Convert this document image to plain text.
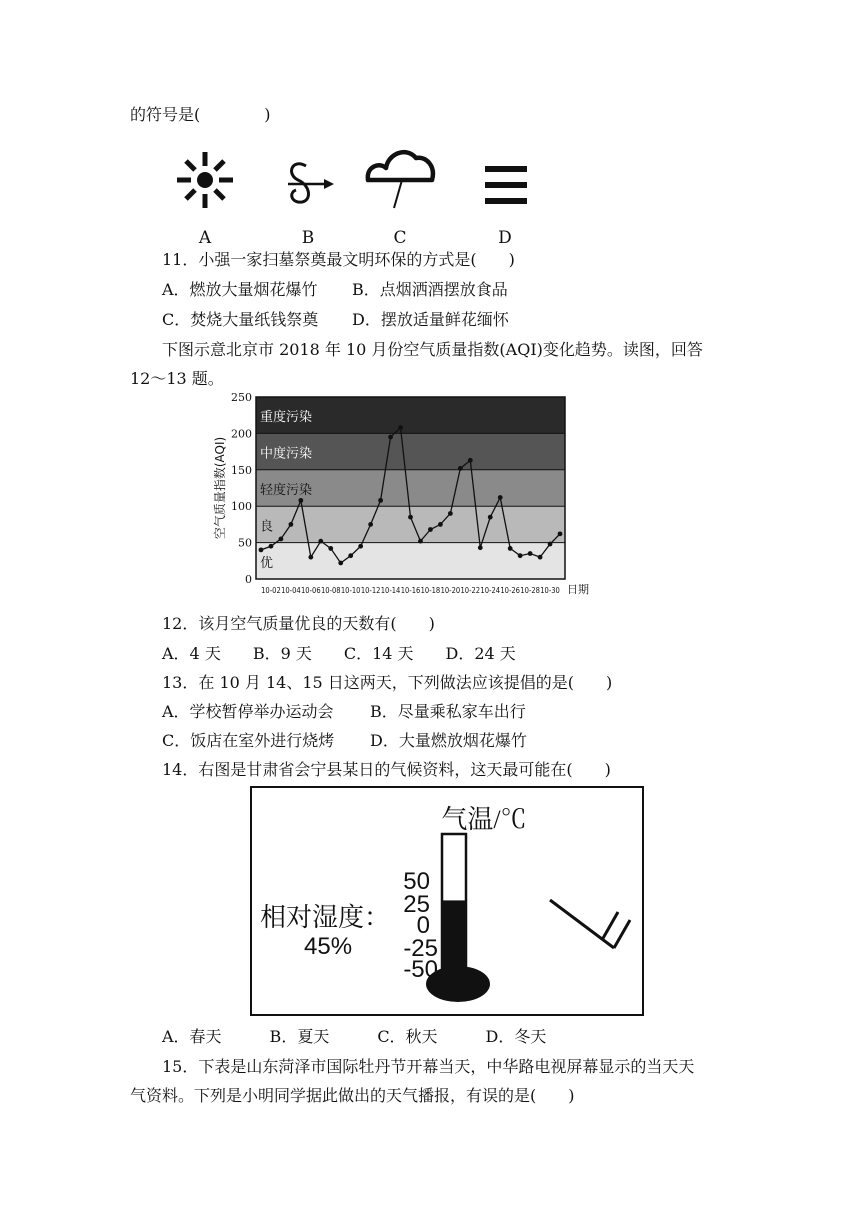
的符号是(　　　　)
A	B	C	D
11．小强一家扫墓祭奠最文明环保的方式是(　　)
A．燃放大量烟花爆竹 B．点烟洒酒摆放食品
C．焚烧大量纸钱祭奠 D．摆放适量鲜花缅怀
下图示意北京市 2018 年 10 月份空气质量指数(AQI)变化趋势。读图，回答
12～13 题。
重度污染
中度污染
轻度污染
良
优
250
200
150
100
50
0
空气质量指数(AQI)
10-02 10-04 10-06 10-08 10-10 10-12 10-14 10-16 10-18 10-20 10-22 10-24 10-26 10-28 10-30 日期
12．该月空气质量优良的天数有(　　)
A．4 天　　B．9 天　　C．14 天　　D．24 天
13．在 10 月 14、15 日这两天，下列做法应该提倡的是(　　)
A．学校暂停举办运动会 B．尽量乘私家车出行
C．饭店在室外进行烧烤 D．大量燃放烟花爆竹
14．右图是甘肃省会宁县某日的气候资料，这天最可能在(　　)
气温/℃
相对湿度：
45%
50
25
0
-25
-50
A．春天　　　B．夏天　　　C．秋天　　　D．冬天
15．下表是山东菏泽市国际牡丹节开幕当天，中华路电视屏幕显示的当天天
气资料。下列是小明同学据此做出的天气播报，有误的是(　　)
